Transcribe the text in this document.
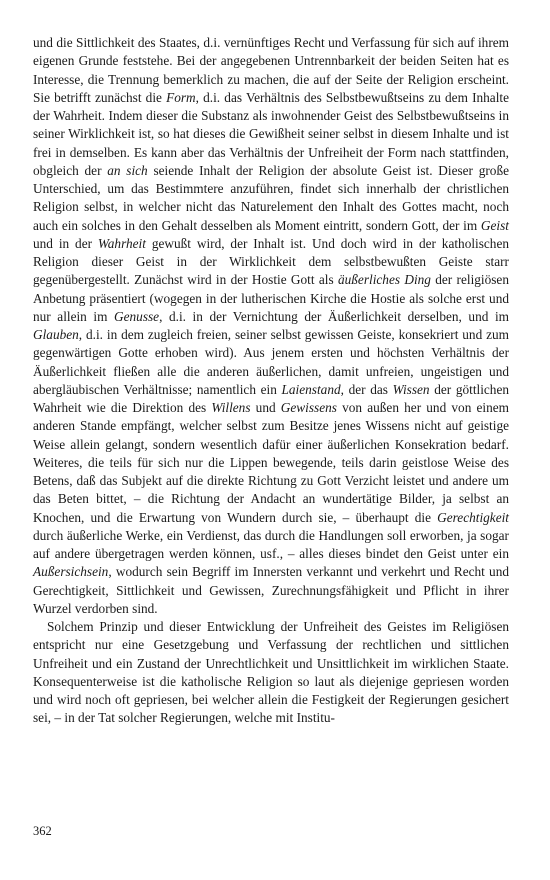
und die Sittlichkeit des Staates, d.i. vernünftiges Recht und Verfassung für sich auf ihrem eigenen Grunde feststehe. Bei der angegebenen Untrennbarkeit der beiden Seiten hat es Interesse, die Trennung bemerklich zu machen, die auf der Seite der Religion erscheint. Sie betrifft zunächst die Form, d.i. das Verhältnis des Selbstbewußtseins zu dem Inhalte der Wahrheit. Indem dieser die Substanz als inwohnender Geist des Selbstbewußtseins in seiner Wirklichkeit ist, so hat dieses die Gewißheit seiner selbst in diesem Inhalte und ist frei in demselben. Es kann aber das Verhältnis der Unfreiheit der Form nach stattfinden, obgleich der an sich seiende Inhalt der Religion der absolute Geist ist. Dieser große Unterschied, um das Bestimmtere anzuführen, findet sich innerhalb der christlichen Religion selbst, in welcher nicht das Naturelement den Inhalt des Gottes macht, noch auch ein solches in den Gehalt desselben als Moment eintritt, sondern Gott, der im Geist und in der Wahrheit gewußt wird, der Inhalt ist. Und doch wird in der katholischen Religion dieser Geist in der Wirklichkeit dem selbstbewußten Geiste starr gegenübergestellt. Zunächst wird in der Hostie Gott als äußerliches Ding der religiösen Anbetung präsentiert (wogegen in der lutherischen Kirche die Hostie als solche erst und nur allein im Genusse, d.i. in der Vernichtung der Äußerlichkeit derselben, und im Glauben, d.i. in dem zugleich freien, seiner selbst gewissen Geiste, konsekriert und zum gegenwärtigen Gotte erhoben wird). Aus jenem ersten und höchsten Verhältnis der Äußerlichkeit fließen alle die anderen äußerlichen, damit unfreien, ungeistigen und abergläubischen Verhältnisse; namentlich ein Laienstand, der das Wissen der göttlichen Wahrheit wie die Direktion des Willens und Gewissens von außen her und von einem anderen Stande empfängt, welcher selbst zum Besitze jenes Wissens nicht auf geistige Weise allein gelangt, sondern wesentlich dafür einer äußerlichen Konsekration bedarf. Weiteres, die teils für sich nur die Lippen bewegende, teils darin geistlose Weise des Betens, daß das Subjekt auf die direkte Richtung zu Gott Verzicht leistet und andere um das Beten bittet, – die Richtung der Andacht an wundertätige Bilder, ja selbst an Knochen, und die Erwartung von Wundern durch sie, – überhaupt die Gerechtigkeit durch äußerliche Werke, ein Verdienst, das durch die Handlungen soll erworben, ja sogar auf andere übergetragen werden können, usf., – alles dieses bindet den Geist unter ein Außersichsein, wodurch sein Begriff im Innersten verkannt und verkehrt und Recht und Gerechtigkeit, Sittlichkeit und Gewissen, Zurechnungsfähigkeit und Pflicht in ihrer Wurzel verdorben sind.

Solchem Prinzip und dieser Entwicklung der Unfreiheit des Geistes im Religiösen entspricht nur eine Gesetzgebung und Verfassung der rechtlichen und sittlichen Unfreiheit und ein Zustand der Unrechtlichkeit und Unsittlichkeit im wirklichen Staate. Konsequenterweise ist die katholische Religion so laut als diejenige gepriesen worden und wird noch oft gepriesen, bei welcher allein die Festigkeit der Regierungen gesichert sei, – in der Tat solcher Regierungen, welche mit Institu-

362
